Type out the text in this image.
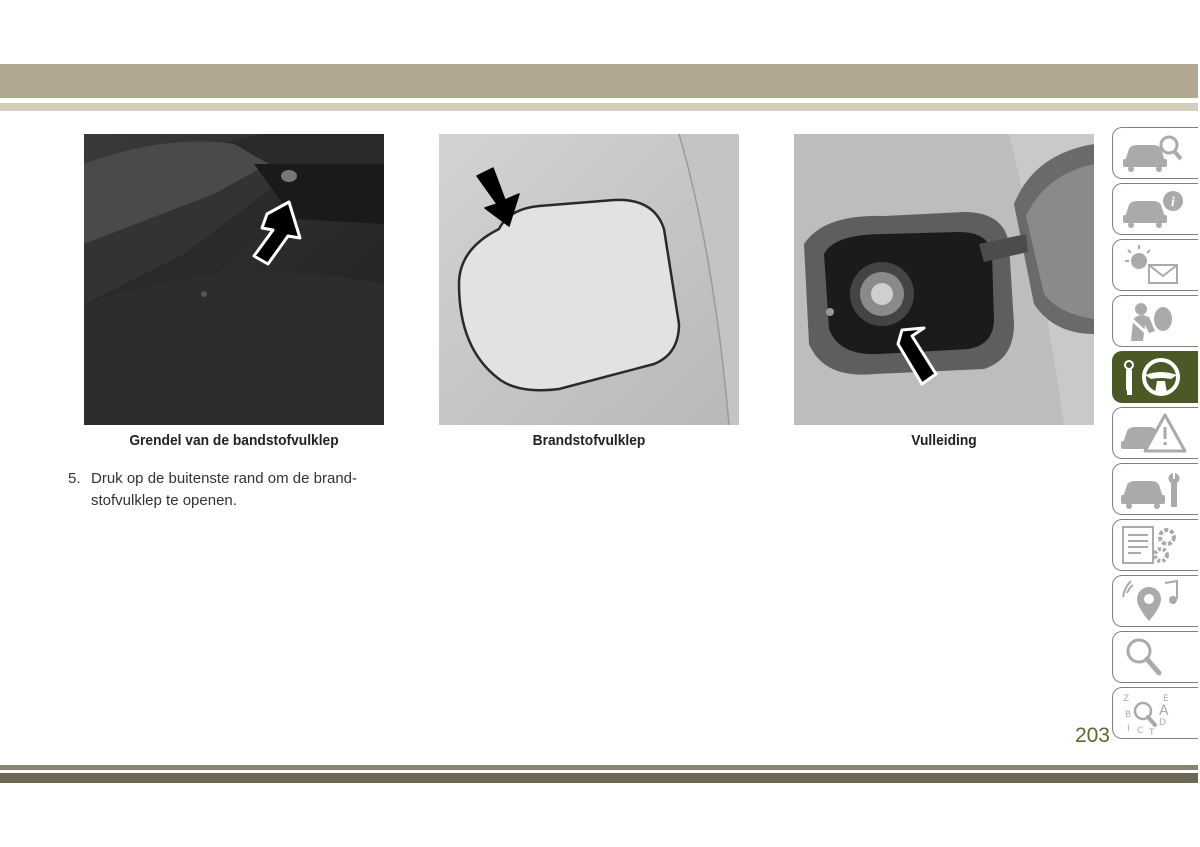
Grendel van de bandstofvulklep	Brandstofvulklep	Vulleiding
5. Druk op de buitenste rand om de brand-
stofvulklep te openen.
i
Z
B
I C T
D
E
A
203
